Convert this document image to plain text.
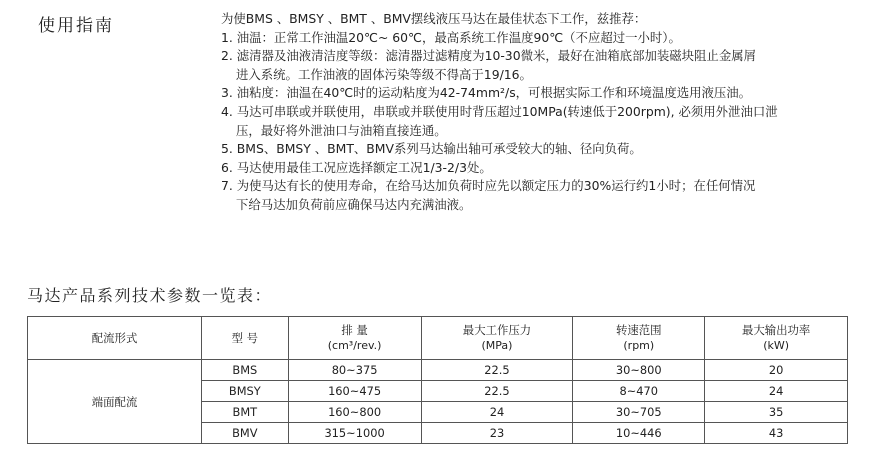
使用指南	为使BMS 、BMSY 、BMT 、BMV摆线液压马达在最佳状态下工作，兹推荐：
1. 油温：正常工作油温20℃~ 60℃，最高系统工作温度90℃（不应超过一小时）。
2. 滤清器及油液清洁度等级：滤清器过滤精度为10-30微米，最好在油箱底部加装磁块阻止金属屑
进入系统。工作油液的固体污染等级不得高于19/16。
3. 油粘度：油温在40℃时的运动粘度为42-74mm²/s，可根据实际工作和环境温度选用液压油。
4. 马达可串联或并联使用，串联或并联使用时背压超过10MPa(转速低于200rpm), 必须用外泄油口泄
压，最好将外泄油口与油箱直接连通。
5. BMS、BMSY 、BMT、BMV系列马达输出轴可承受较大的轴、径向负荷。
6. 马达使用最佳工况应选择额定工况1/3-2/3处。
7. 为使马达有长的使用寿命，在给马达加负荷时应先以额定压力的30%运行约1小时；在任何情况
下给马达加负荷前应确保马达内充满油液。
马达产品系列技术参数一览表：
配流形式	型 号	排 量
(cm³/rev.)	最大工作压力
(MPa)	转速范围
(rpm)	最大输出功率
(kW)

端面配流	BMS	80~375	22.5	30~800	20
	BMSY	160~475	22.5	8~470	24
	BMT	160~800	24	30~705	35
	BMV	315~1000	23	10~446	43
